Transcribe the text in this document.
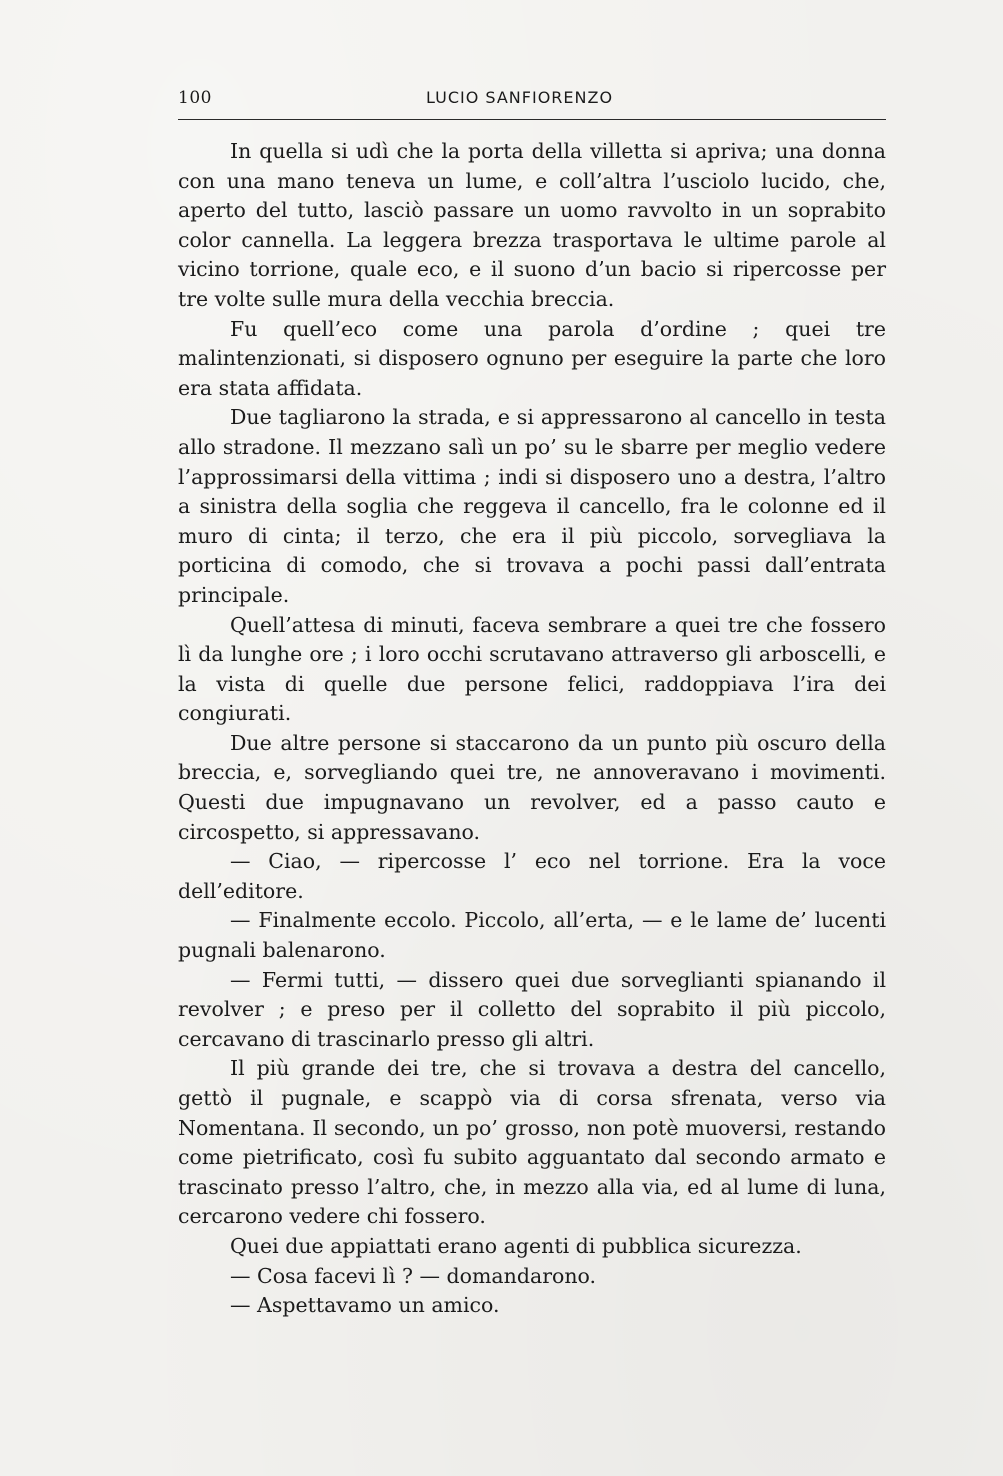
100	LUCIO SANFIORENZO

In quella si udì che la porta della villetta si apriva; una donna con una mano teneva un lume, e coll’altra l’usciolo lucido, che, aperto del tutto, lasciò passare un uomo ravvolto in un soprabito color cannella. La leggera brezza trasportava le ultime parole al vicino torrione, quale eco, e il suono d’un bacio si ripercosse per tre volte sulle mura della vecchia breccia.

Fu quell’eco come una parola d’ordine ; quei tre malintenzionati, si disposero ognuno per eseguire la parte che loro era stata affidata.

Due tagliarono la strada, e si appressarono al cancello in testa allo stradone. Il mezzano salì un po’ su le sbarre per meglio vedere l’approssimarsi della vittima ; indi si disposero uno a destra, l’altro a sinistra della soglia che reggeva il cancello, fra le colonne ed il muro di cinta; il terzo, che era il più piccolo, sorvegliava la porticina di comodo, che si trovava a pochi passi dall’entrata principale.

Quell’attesa di minuti, faceva sembrare a quei tre che fossero lì da lunghe ore ; i loro occhi scrutavano attraverso gli arboscelli, e la vista di quelle due persone felici, raddoppiava l’ira dei congiurati.

Due altre persone si staccarono da un punto più oscuro della breccia, e, sorvegliando quei tre, ne annoveravano i movimenti. Questi due impugnavano un revolver, ed a passo cauto e circospetto, si appressavano.

— Ciao, — ripercosse l’ eco nel torrione. Era la voce dell’editore.

— Finalmente eccolo. Piccolo, all’erta, — e le lame de’ lucenti pugnali balenarono.

— Fermi tutti, — dissero quei due sorveglianti spianando il revolver ; e preso per il colletto del soprabito il più piccolo, cercavano di trascinarlo presso gli altri.

Il più grande dei tre, che si trovava a destra del cancello, gettò il pugnale, e scappò via di corsa sfrenata, verso via Nomentana. Il secondo, un po’ grosso, non potè muoversi, restando come pietrificato, così fu subito agguantato dal secondo armato e trascinato presso l’altro, che, in mezzo alla via, ed al lume di luna, cercarono vedere chi fossero.

Quei due appiattati erano agenti di pubblica sicurezza.

— Cosa facevi lì ? — domandarono.

— Aspettavamo un amico.
